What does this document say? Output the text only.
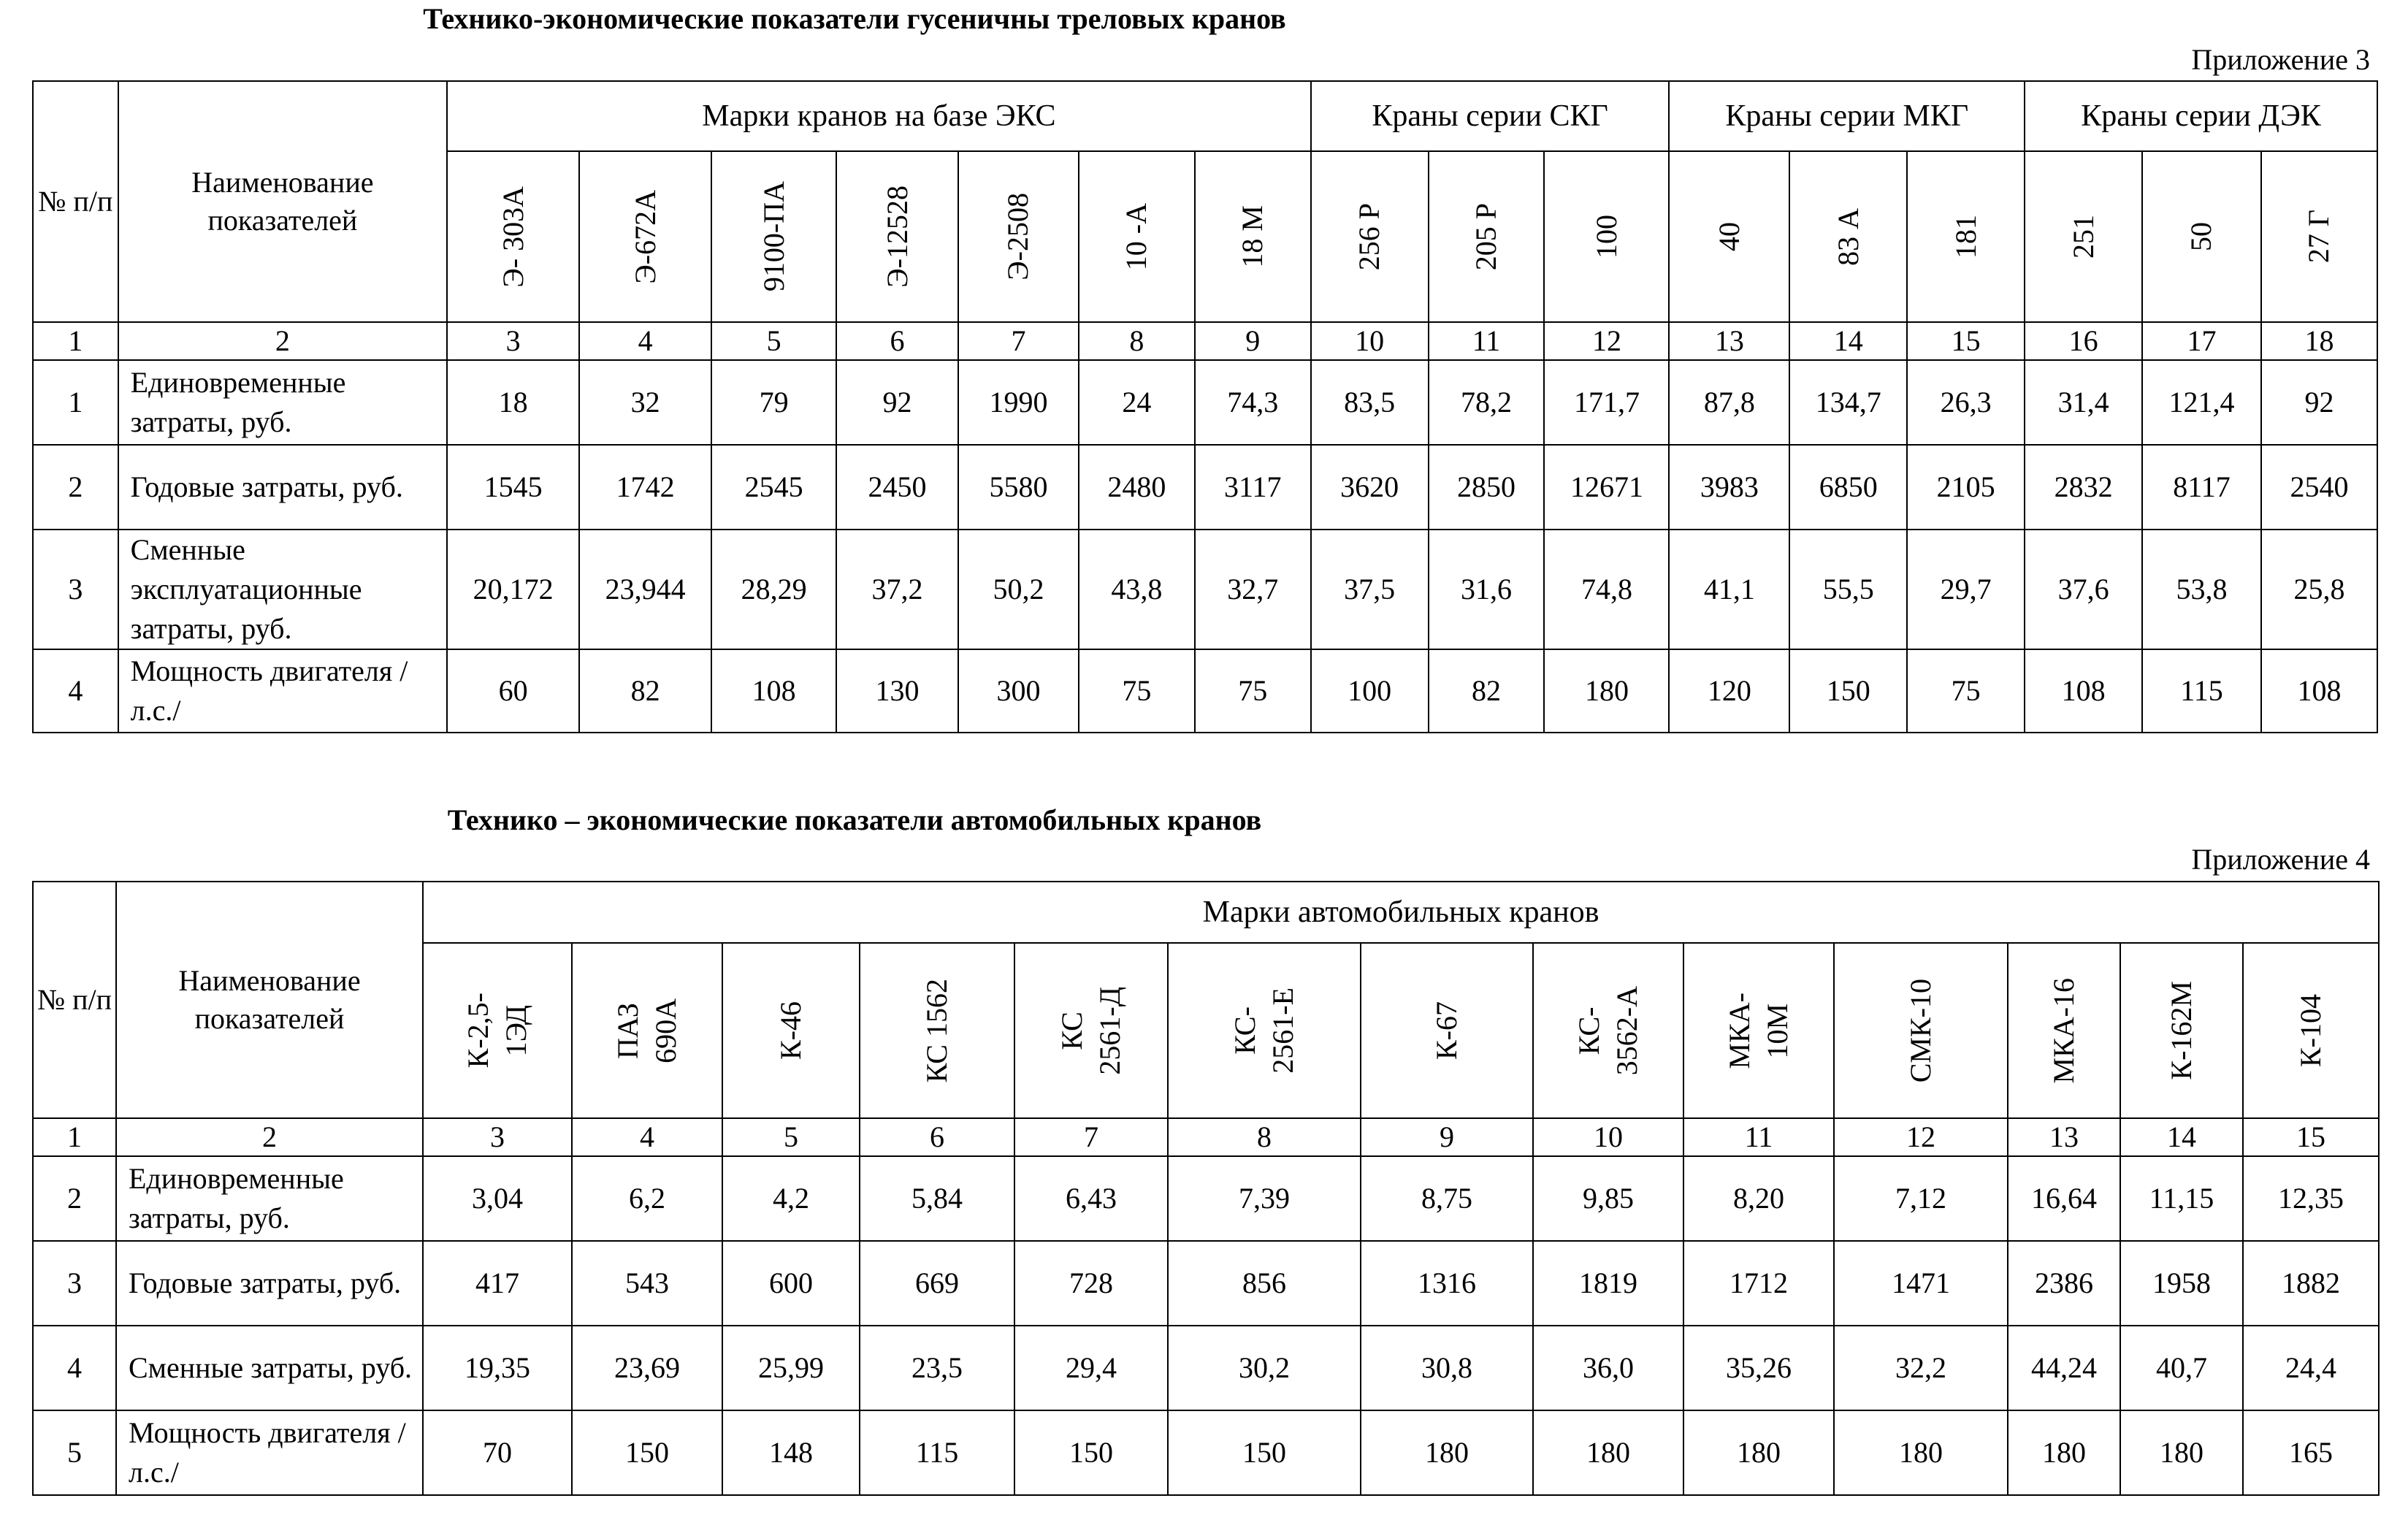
Технико-экономические показатели гусеничны треловых кранов
Приложение 3
№ п/п	Наименование показателей	Марки кранов на базе ЭКС							Краны серии СКГ			Краны серии МКГ			Краны серии ДЭК		

		Э- 303А	Э-672А	9100-ПА	Э-12528	Э-2508	10 -А	18 М	256 Р	205 Р	100	40	83 А	181	251	50	27 Г

1	2	3	4	5	6	7	8	9	10	11	12	13	14	15	16	17	18
1	Единовременные затраты, руб.	18	32	79	92	1990	24	74,3	83,5	78,2	171,7	87,8	134,7	26,3	31,4	121,4	92
2	Годовые затраты, руб.	1545	1742	2545	2450	5580	2480	3117	3620	2850	12671	3983	6850	2105	2832	8117	2540
3	Сменные эксплуатационные затраты, руб.	20,172	23,944	28,29	37,2	50,2	43,8	32,7	37,5	31,6	74,8	41,1	55,5	29,7	37,6	53,8	25,8
4	Мощность двигателя /л.с./	60	82	108	130	300	75	75	100	82	180	120	150	75	108	115	108
Технико – экономические показатели автомобильных кранов
Приложение 4
№ п/п	Наименование показателей	Марки автомобильных кранов												

		К-2,5-
1ЭД	ПАЗ
690А	К-46	КС 1562	КС
2561-Д	КС-
2561-Е	К-67	КС-
3562-А	МКА-
10М	СМК-10	МКА-16	К-162М	К-104

1	2	3	4	5	6	7	8	9	10	11	12	13	14	15
2	Единовременные затраты, руб.	3,04	6,2	4,2	5,84	6,43	7,39	8,75	9,85	8,20	7,12	16,64	11,15	12,35
3	Годовые затраты, руб.	417	543	600	669	728	856	1316	1819	1712	1471	2386	1958	1882
4	Сменные затраты, руб.	19,35	23,69	25,99	23,5	29,4	30,2	30,8	36,0	35,26	32,2	44,24	40,7	24,4
5	Мощность двигателя /л.с./	70	150	148	115	150	150	180	180	180	180	180	180	165
